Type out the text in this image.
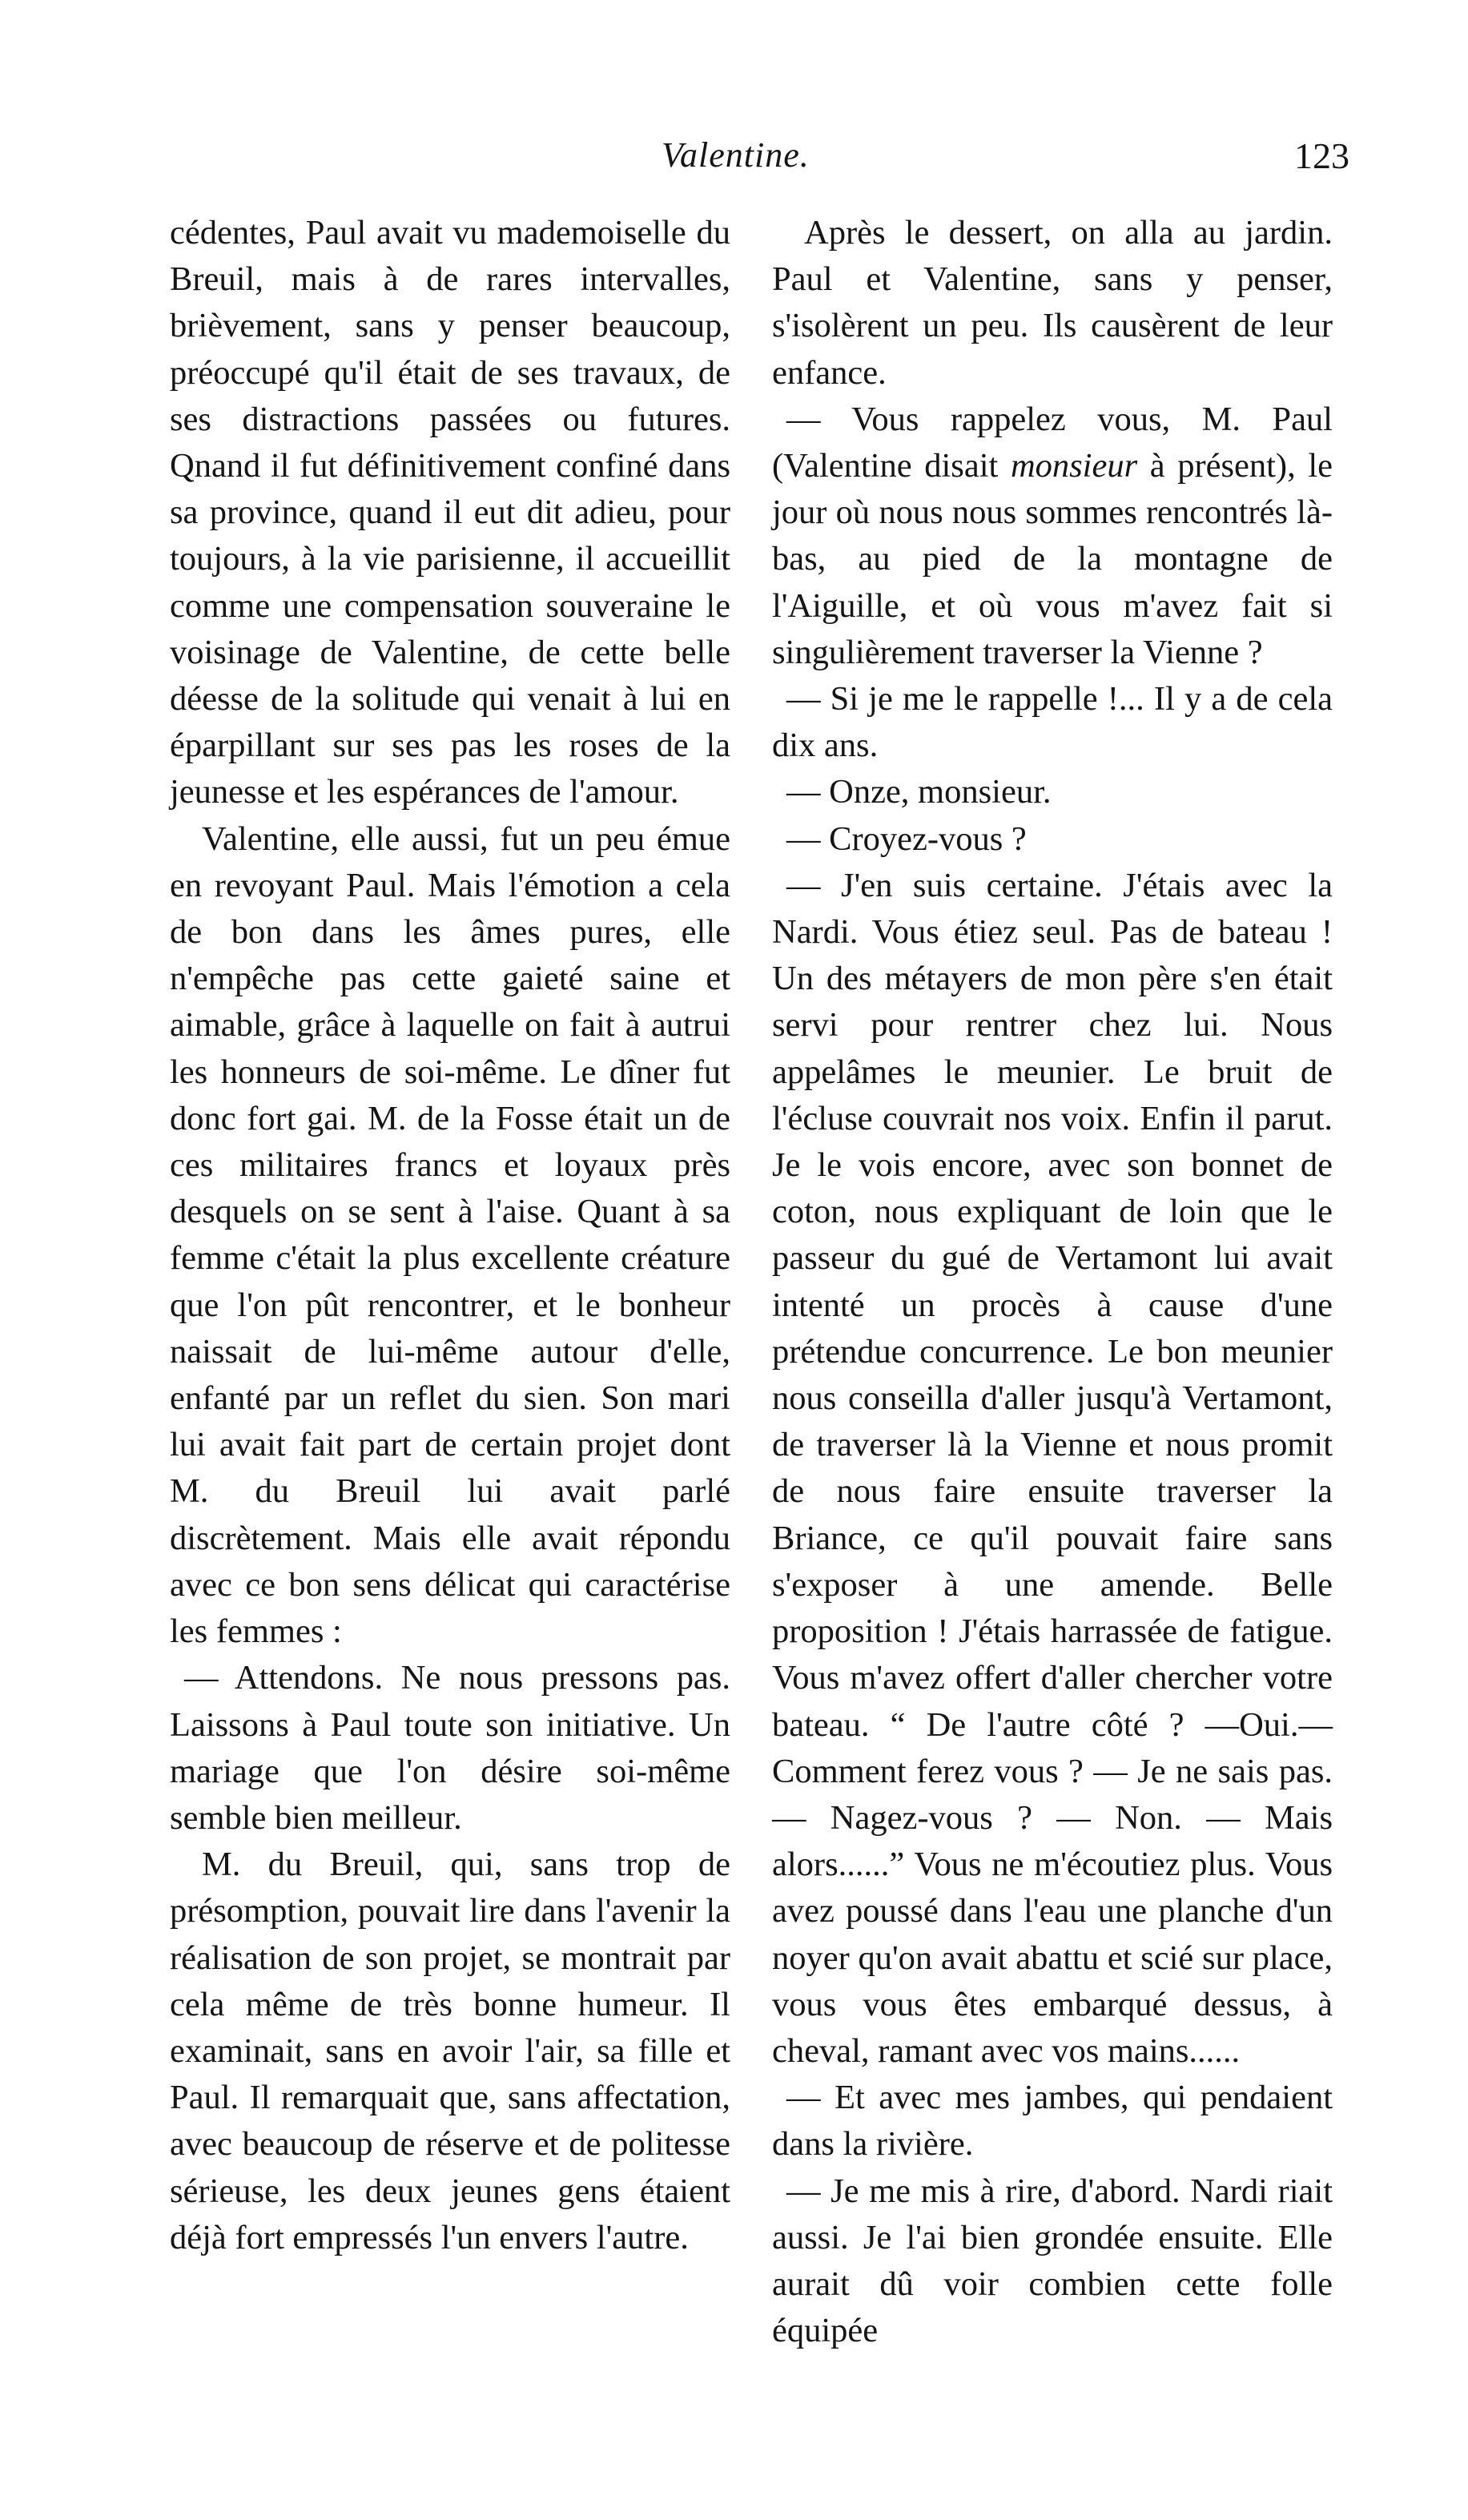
Valentine.	123

cédentes, Paul avait vu mademoiselle du Breuil, mais à de rares intervalles, brièvement, sans y penser beaucoup, préoccupé qu'il était de ses travaux, de ses distractions passées ou futures. Qnand il fut définitivement confiné dans sa province, quand il eut dit adieu, pour toujours, à la vie parisienne, il accueillit comme une compensation souveraine le voisinage de Valentine, de cette belle déesse de la solitude qui venait à lui en éparpillant sur ses pas les roses de la jeunesse et les espérances de l'amour.

Valentine, elle aussi, fut un peu émue en revoyant Paul. Mais l'émotion a cela de bon dans les âmes pures, elle n'empêche pas cette gaieté saine et aimable, grâce à laquelle on fait à autrui les honneurs de soi-même. Le dîner fut donc fort gai. M. de la Fosse était un de ces militaires francs et loyaux près desquels on se sent à l'aise. Quant à sa femme c'était la plus excellente créature que l'on pût rencontrer, et le bonheur naissait de lui-même autour d'elle, enfanté par un reflet du sien. Son mari lui avait fait part de certain projet dont M. du Breuil lui avait parlé discrètement. Mais elle avait répondu avec ce bon sens délicat qui caractérise les femmes :

— Attendons. Ne nous pressons pas. Laissons à Paul toute son initiative. Un mariage que l'on désire soi-même semble bien meilleur.

M. du Breuil, qui, sans trop de présomption, pouvait lire dans l'avenir la réalisation de son projet, se montrait par cela même de très bonne humeur. Il examinait, sans en avoir l'air, sa fille et Paul. Il remarquait que, sans affectation, avec beaucoup de réserve et de politesse sérieuse, les deux jeunes gens étaient déjà fort empressés l'un envers l'autre.

Après le dessert, on alla au jardin. Paul et Valentine, sans y penser, s'isolèrent un peu. Ils causèrent de leur enfance.

— Vous rappelez vous, M. Paul (Valentine disait monsieur à présent), le jour où nous nous sommes rencontrés là-bas, au pied de la montagne de l'Aiguille, et où vous m'avez fait si singulièrement traverser la Vienne ?

— Si je me le rappelle !... Il y a de cela dix ans.

— Onze, monsieur.

— Croyez-vous ?

— J'en suis certaine. J'étais avec la Nardi. Vous étiez seul. Pas de bateau ! Un des métayers de mon père s'en était servi pour rentrer chez lui. Nous appelâmes le meunier. Le bruit de l'écluse couvrait nos voix. Enfin il parut. Je le vois encore, avec son bonnet de coton, nous expliquant de loin que le passeur du gué de Vertamont lui avait intenté un procès à cause d'une prétendue concurrence. Le bon meunier nous conseilla d'aller jusqu'à Vertamont, de traverser là la Vienne et nous promit de nous faire ensuite traverser la Briance, ce qu'il pouvait faire sans s'exposer à une amende. Belle proposition ! J'étais harrassée de fatigue. Vous m'avez offert d'aller chercher votre bateau. “ De l'autre côté ? —Oui.— Comment ferez vous ? — Je ne sais pas. — Nagez-vous ? — Non. — Mais alors......” Vous ne m'écoutiez plus. Vous avez poussé dans l'eau une planche d'un noyer qu'on avait abattu et scié sur place, vous vous êtes embarqué dessus, à cheval, ramant avec vos mains......

— Et avec mes jambes, qui pendaient dans la rivière.

— Je me mis à rire, d'abord. Nardi riait aussi. Je l'ai bien grondée ensuite. Elle aurait dû voir combien cette folle équipée
